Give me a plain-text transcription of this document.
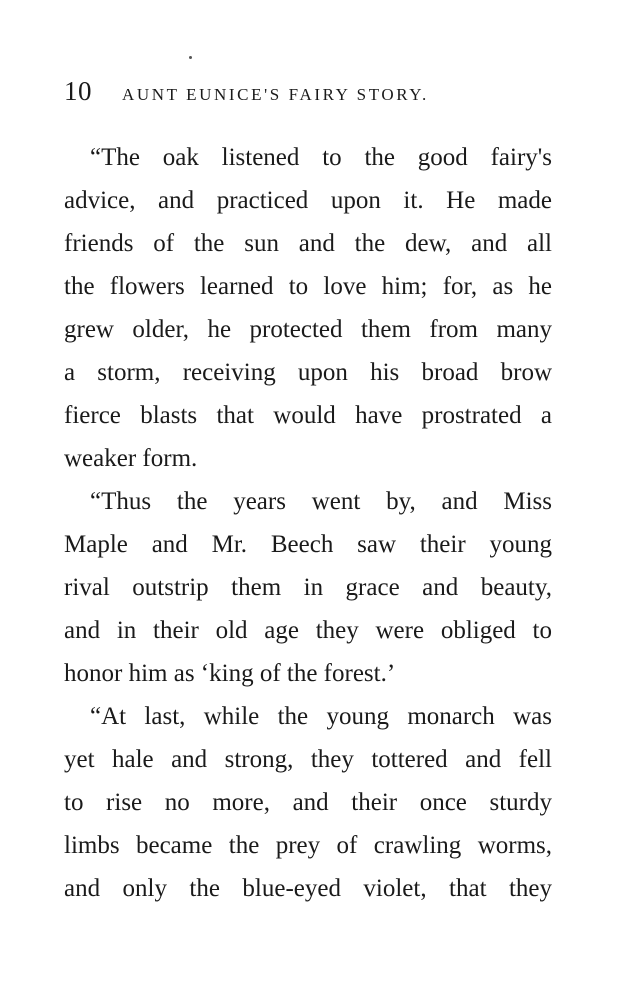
10 AUNT EUNICE'S FAIRY STORY.
“The oak listened to the good fairy's
advice, and practiced upon it. He made
friends of the sun and the dew, and all
the flowers learned to love him; for, as he
grew older, he protected them from many
a storm, receiving upon his broad brow
fierce blasts that would have prostrated a
weaker form.
“Thus the years went by, and Miss
Maple and Mr. Beech saw their young
rival outstrip them in grace and beauty,
and in their old age they were obliged to
honor him as ‘king of the forest.’
“At last, while the young monarch was
yet hale and strong, they tottered and fell
to rise no more, and their once sturdy
limbs became the prey of crawling worms,
and only the blue-eyed violet, that they
